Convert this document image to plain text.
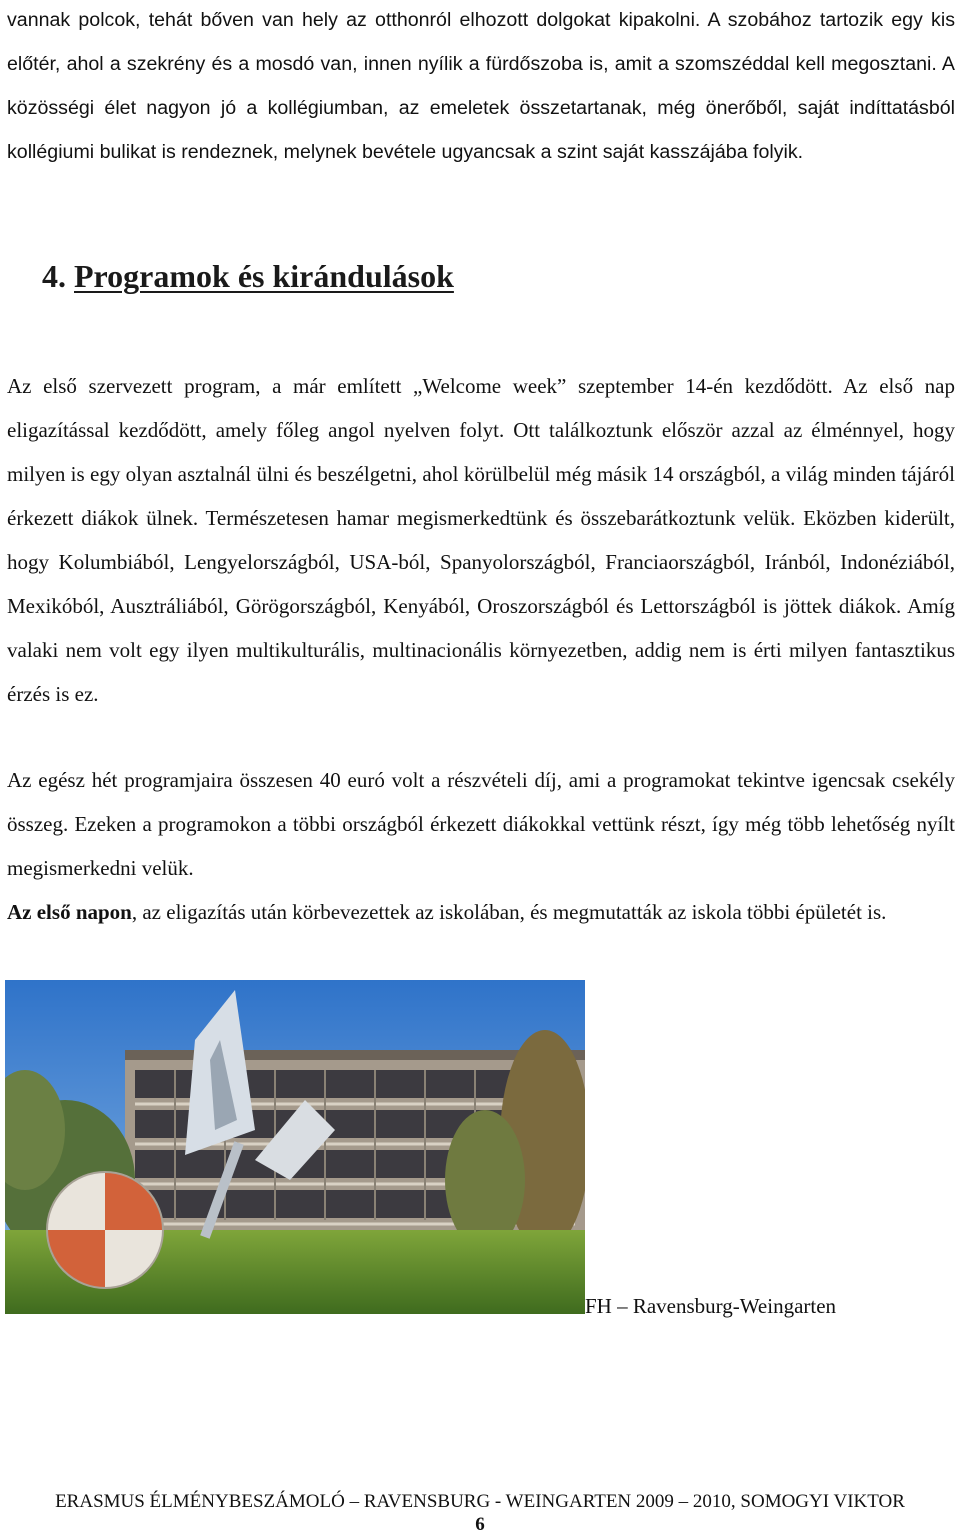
vannak polcok, tehát bőven van hely az otthonról elhozott dolgokat kipakolni. A szobához tartozik egy kis előtér, ahol a szekrény és a mosdó van, innen nyílik a fürdőszoba is, amit a szomszéddal kell megosztani. A közösségi élet nagyon jó a kollégiumban, az emeletek összetartanak, még önerőből, saját indíttatásból kollégiumi bulikat is rendeznek, melynek bevétele ugyancsak a szint saját kasszájába folyik.

4. Programok és kirándulások

Az első szervezett program, a már említett „Welcome week” szeptember 14-én kezdődött. Az első nap eligazítással kezdődött, amely főleg angol nyelven folyt. Ott találkoztunk először azzal az élménnyel, hogy milyen is egy olyan asztalnál ülni és beszélgetni, ahol körülbelül még másik 14 országból, a világ minden tájáról érkezett diákok ülnek. Természetesen hamar megismerkedtünk és összebarátkoztunk velük. Eközben kiderült, hogy Kolumbiából, Lengyelországból, USA-ból, Spanyolországból, Franciaországból, Iránból, Indonéziából, Mexikóból, Ausztráliából, Görögországból, Kenyából, Oroszországból és Lettországból is jöttek diákok. Amíg valaki nem volt egy ilyen multikulturális, multinacionális környezetben, addig nem is érti milyen fantasztikus érzés is ez.

Az egész hét programjaira összesen 40 euró volt a részvételi díj, ami a programokat tekintve igencsak csekély összeg. Ezeken a programokon a többi országból érkezett diákokkal vettünk részt, így még több lehetőség nyílt megismerkedni velük.

Az első napon, az eligazítás után körbevezettek az iskolában, és megmutatták az iskola többi épületét is.

FH – Ravensburg-Weingarten
ERASMUS ÉLMÉNYBESZÁMOLÓ – RAVENSBURG - WEINGARTEN 2009 – 2010, SOMOGYI VIKTOR
6
